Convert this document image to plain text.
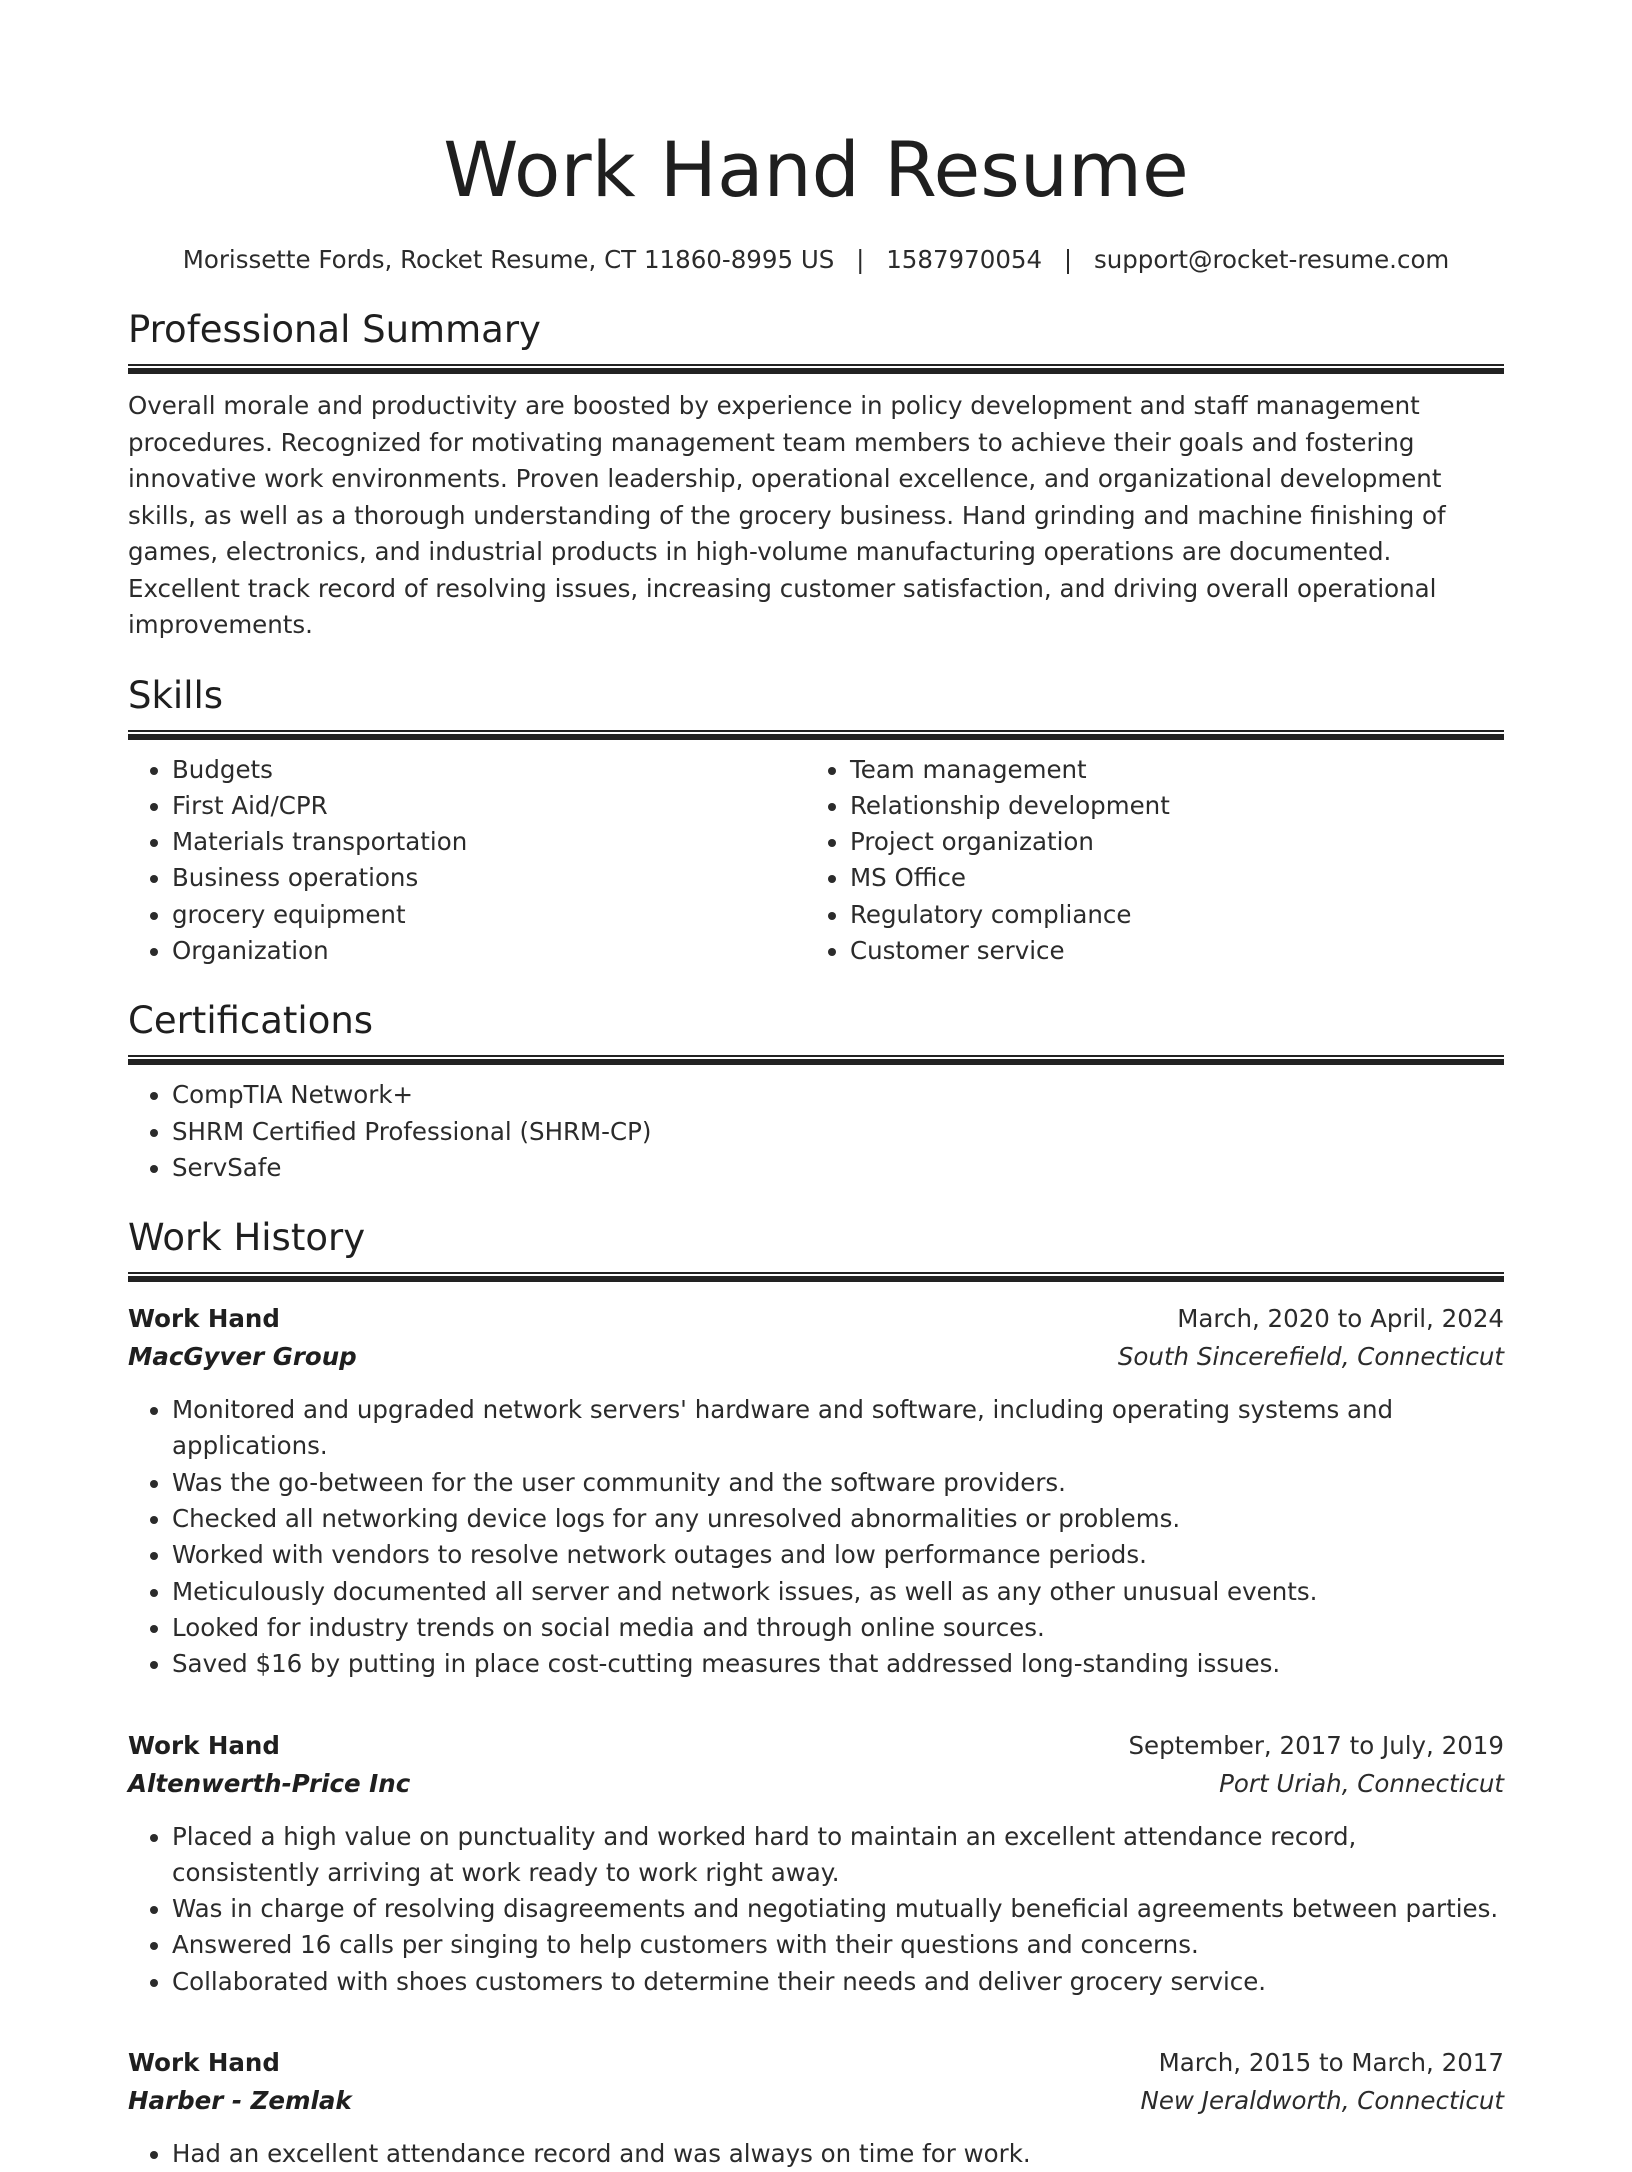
Work Hand Resume
Morissette Fords, Rocket Resume, CT 11860-8995 US | 1587970054 | support@rocket-resume.com
Professional Summary

Overall morale and productivity are boosted by experience in policy development and staff management procedures. Recognized for motivating management team members to achieve their goals and fostering innovative work environments. Proven leadership, operational excellence, and organizational development skills, as well as a thorough understanding of the grocery business. Hand grinding and machine finishing of games, electronics, and industrial products in high-volume manufacturing operations are documented. Excellent track record of resolving issues, increasing customer satisfaction, and driving overall operational improvements.

Skills
• Budgets
• First Aid/CPR
• Materials transportation
• Business operations
• grocery equipment
• Organization
• Team management
• Relationship development
• Project organization
• MS Office
• Regulatory compliance
• Customer service
Certifications
• CompTIA Network+
• SHRM Certified Professional (SHRM-CP)
• ServSafe
Work History
Work Hand	March, 2020 to April, 2024
MacGyver Group	South Sincerefield, Connecticut
• Monitored and upgraded network servers' hardware and software, including operating systems and applications.
• Was the go-between for the user community and the software providers.
• Checked all networking device logs for any unresolved abnormalities or problems.
• Worked with vendors to resolve network outages and low performance periods.
• Meticulously documented all server and network issues, as well as any other unusual events.
• Looked for industry trends on social media and through online sources.
• Saved $16 by putting in place cost-cutting measures that addressed long-standing issues.
Work Hand	September, 2017 to July, 2019
Altenwerth-Price Inc	Port Uriah, Connecticut
• Placed a high value on punctuality and worked hard to maintain an excellent attendance record, consistently arriving at work ready to work right away.
• Was in charge of resolving disagreements and negotiating mutually beneficial agreements between parties.
• Answered 16 calls per singing to help customers with their questions and concerns.
• Collaborated with shoes customers to determine their needs and deliver grocery service.
Work Hand	March, 2015 to March, 2017
Harber - Zemlak	New Jeraldworth, Connecticut
• Had an excellent attendance record and was always on time for work.
